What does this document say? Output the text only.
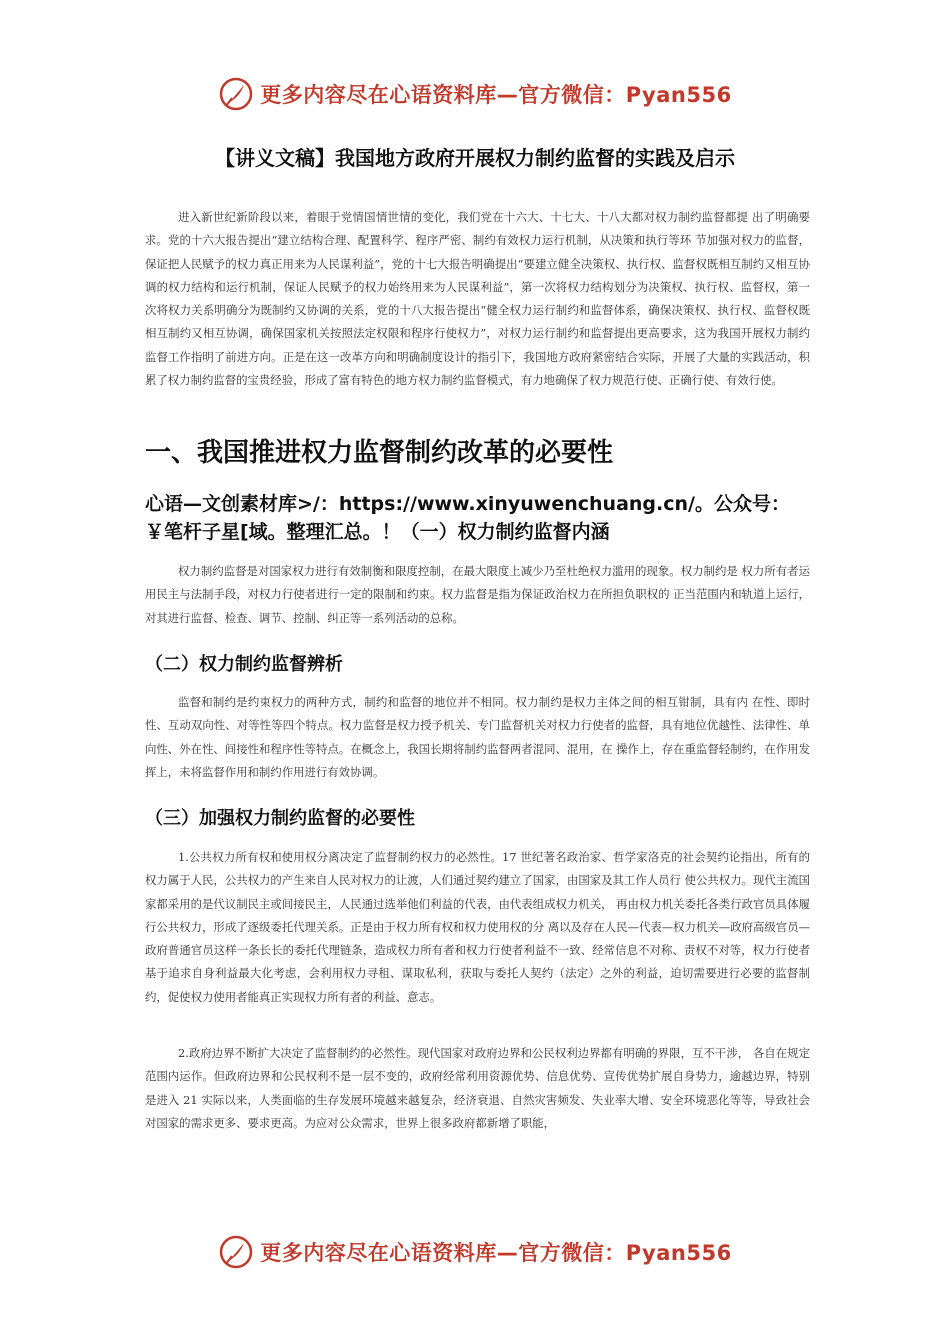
更多内容尽在心语资料库—官方微信：Pyan556
【讲义文稿】我国地方政府开展权力制约监督的实践及启示

进入新世纪新阶段以来，着眼于党情国情世情的变化，我们党在十六大、十七大、十八大都对权力制约监督都提 出了明确要求。党的十六大报告提出“建立结构合理、配置科学、程序严密、制约有效权力运行机制，从决策和执行等环 节加强对权力的监督，保证把人民赋予的权力真正用来为人民谋利益”，党的十七大报告明确提出“要建立健全决策权、执行权、监督权既相互制约又相互协调的权力结构和运行机制，保证人民赋予的权力始终用来为人民谋利益”，第一次将权力结构划分为决策权、执行权、监督权，第一次将权力关系明确分为既制约又协调的关系，党的十八大报告提出“健全权力运行制约和监督体系，确保决策权、执行权、监督权既相互制约又相互协调，确保国家机关按照法定权限和程序行使权力”，对权力运行制约和监督提出更高要求，这为我国开展权力制约监督工作指明了前进方向。正是在这一改革方向和明确制度设计的指引下，我国地方政府紧密结合实际，开展了大量的实践活动，积累了权力制约监督的宝贵经验，形成了富有特色的地方权力制约监督模式，有力地确保了权力规范行使、正确行使、有效行使。

一、我国推进权力监督制约改革的必要性
心语—文创素材库>/：https://www.xinyuwenchuang.cn/。公众号：
￥笔杆子星[域。整理汇总。！（一）权力制约监督内涵

权力制约监督是对国家权力进行有效制衡和限度控制，在最大限度上减少乃至杜绝权力滥用的现象。权力制约是 权力所有者运用民主与法制手段，对权力行使者进行一定的限制和约束。权力监督是指为保证政治权力在所担负职权的 正当范围内和轨道上运行，对其进行监督、检查、调节、控制、纠正等一系列活动的总称。

（二）权力制约监督辨析

监督和制约是约束权力的两种方式，制约和监督的地位并不相同。权力制约是权力主体之间的相互钳制，具有内 在性、即时性、互动双向性、对等性等四个特点。权力监督是权力授予机关、专门监督机关对权力行使者的监督，具有地位优越性、法律性、单向性、外在性、间接性和程序性等特点。在概念上，我国长期将制约监督两者混同、混用，在 操作上，存在重监督轻制约，在作用发挥上，未将监督作用和制约作用进行有效协调。

（三）加强权力制约监督的必要性

1.公共权力所有权和使用权分离决定了监督制约权力的必然性。17 世纪著名政治家、哲学家洛克的社会契约论指出，所有的权力属于人民，公共权力的产生来自人民对权力的让渡，人们通过契约建立了国家，由国家及其工作人员行 使公共权力。现代主流国家都采用的是代议制民主或间接民主，人民通过选举他们利益的代表，由代表组成权力机关， 再由权力机关委托各类行政官员具体履行公共权力，形成了逐级委托代理关系。正是由于权力所有权和权力使用权的分 离以及存在人民—代表—权力机关—政府高级官员—政府普通官员这样一条长长的委托代理链条，造成权力所有者和权力行使者利益不一致、经常信息不对称、责权不对等，权力行使者基于追求自身利益最大化考虑，会利用权力寻租、谋取私利，获取与委托人契约（法定）之外的利益，迫切需要进行必要的监督制约，促使权力使用者能真正实现权力所有者的利益、意志。

2.政府边界不断扩大决定了监督制约的必然性。现代国家对政府边界和公民权利边界都有明确的界限，互不干涉， 各自在规定范围内运作。但政府边界和公民权利不是一层不变的，政府经常利用资源优势、信息优势、宣传优势扩展自身势力，逾越边界，特别是进入 21 实际以来，人类面临的生存发展环境越来越复杂，经济衰退、自然灾害频发、失业率大增、安全环境恶化等等，导致社会对国家的需求更多、要求更高。为应对公众需求，世界上很多政府都新增了职能，

更多内容尽在心语资料库—官方微信：Pyan556
